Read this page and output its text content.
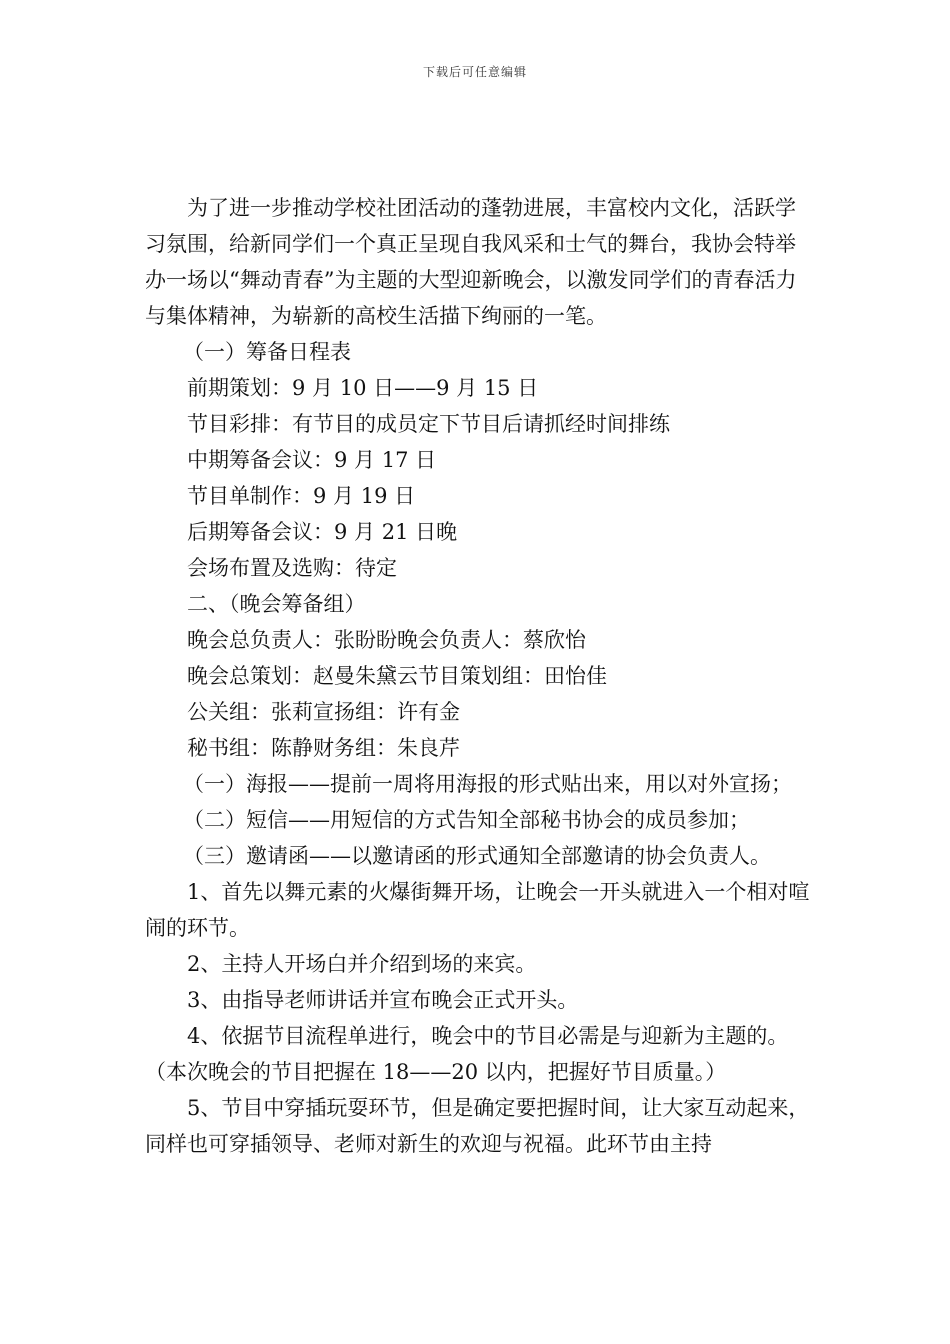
下载后可任意编辑

为了进一步推动学校社团活动的蓬勃进展，丰富校内文化，活跃学习氛围，给新同学们一个真正呈现自我风采和士气的舞台，我协会特举办一场以“舞动青春”为主题的大型迎新晚会，以激发同学们的青春活力与集体精神，为崭新的高校生活描下绚丽的一笔。

（一）筹备日程表

前期策划：9 月 10 日——9 月 15 日

节目彩排：有节目的成员定下节目后请抓经时间排练

中期筹备会议：9 月 17 日

节目单制作：9 月 19 日

后期筹备会议：9 月 21 日晚

会场布置及选购：待定

二、（晚会筹备组）

晚会总负责人：张盼盼晚会负责人：蔡欣怡

晚会总策划：赵曼朱黛云节目策划组：田怡佳

公关组：张莉宣扬组：许有金

秘书组：陈静财务组：朱良芹

（一）海报——提前一周将用海报的形式贴出来，用以对外宣扬；

（二）短信——用短信的方式告知全部秘书协会的成员参加；

（三）邀请函——以邀请函的形式通知全部邀请的协会负责人。

1、首先以舞元素的火爆街舞开场，让晚会一开头就进入一个相对喧闹的环节。

2、主持人开场白并介绍到场的来宾。

3、由指导老师讲话并宣布晚会正式开头。

4、依据节目流程单进行，晚会中的节目必需是与迎新为主题的。（本次晚会的节目把握在 18——20 以内，把握好节目质量。）

5、节目中穿插玩耍环节，但是确定要把握时间，让大家互动起来，同样也可穿插领导、老师对新生的欢迎与祝福。此环节由主持
